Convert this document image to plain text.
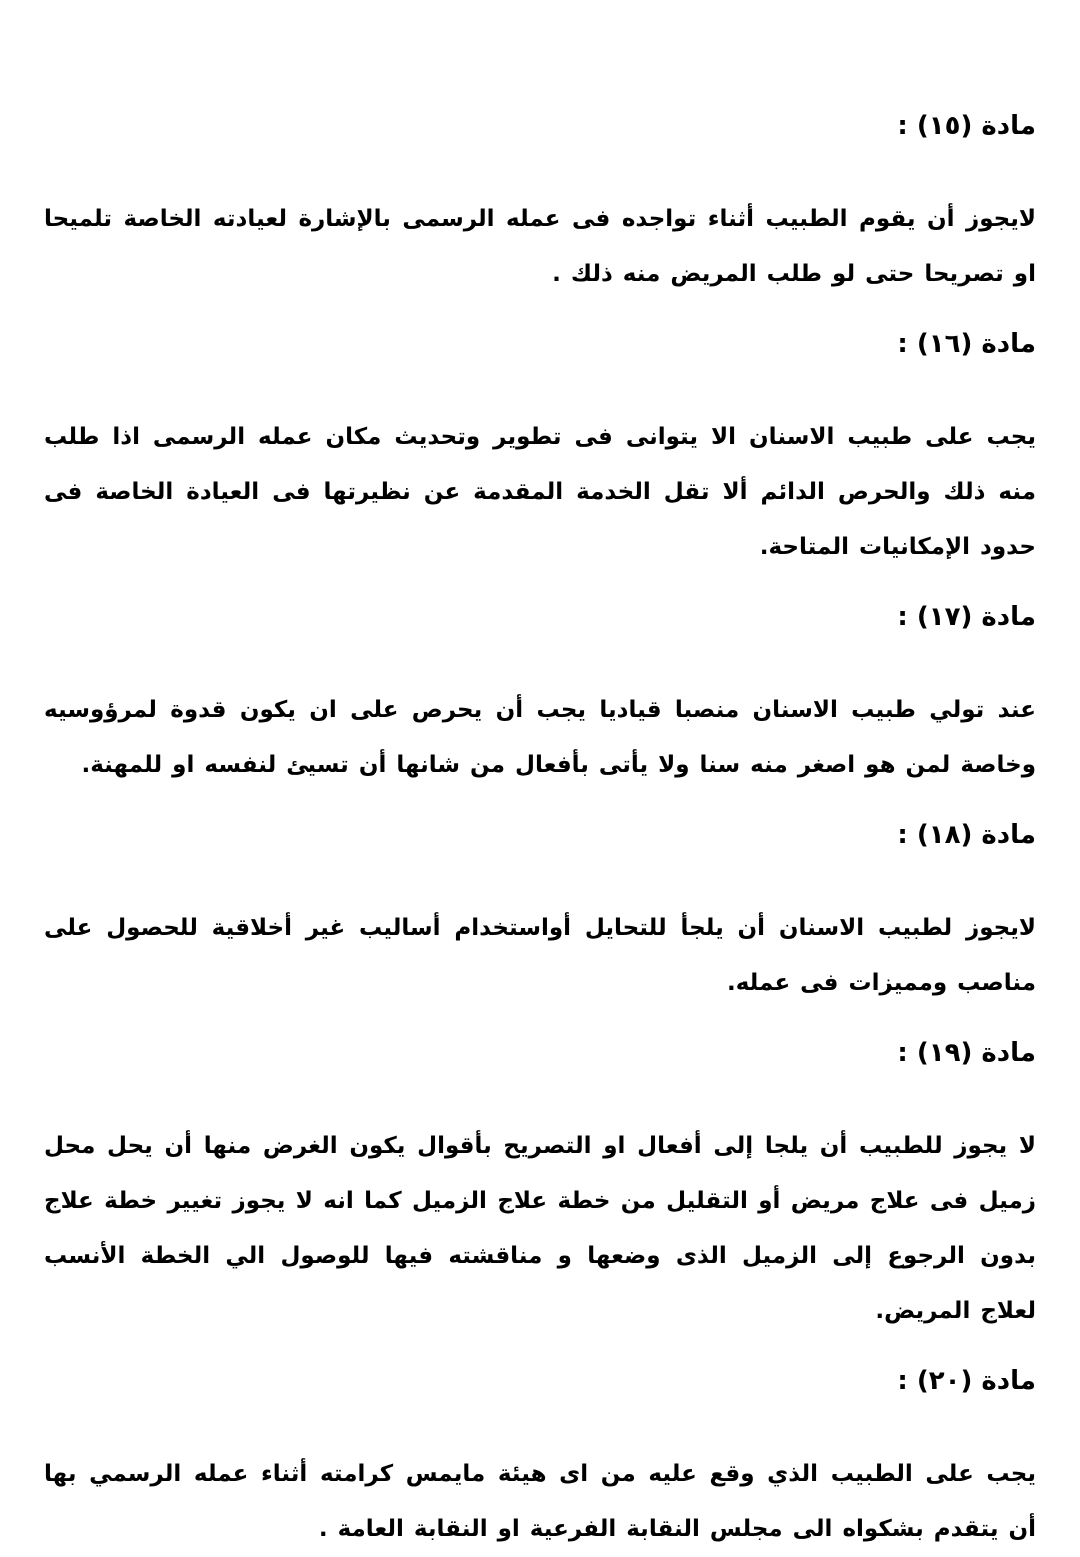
مادة (١٥) :

لايجوز أن يقوم الطبيب أثناء تواجده فى عمله الرسمى بالإشارة لعيادته الخاصة تلميحا او تصريحا حتى لو طلب المريض منه ذلك .

مادة (١٦) :

يجب على طبيب الاسنان الا يتوانى فى تطوير وتحديث مكان عمله الرسمى اذا طلب منه ذلك والحرص الدائم ألا تقل الخدمة المقدمة عن نظيرتها فى العيادة الخاصة فى حدود الإمكانيات المتاحة.

مادة (١٧) :

عند تولي طبيب الاسنان منصبا قياديا يجب أن يحرص على ان يكون قدوة لمرؤوسيه وخاصة لمن هو اصغر منه سنا ولا يأتى بأفعال من شانها أن تسيئ لنفسه او للمهنة.

مادة (١٨) :

لايجوز لطبيب الاسنان أن يلجأ للتحايل أواستخدام أساليب غير أخلاقية للحصول على مناصب ومميزات فى عمله.

مادة (١٩) :

لا يجوز للطبيب أن يلجا إلى أفعال او التصريح بأقوال يكون الغرض منها أن يحل محل زميل فى علاج مريض أو التقليل من خطة علاج الزميل كما انه لا يجوز تغيير خطة علاج بدون الرجوع إلى الزميل الذى وضعها و مناقشته فيها للوصول الي الخطة الأنسب لعلاج المريض.

مادة (٢٠) :

يجب على الطبيب الذي وقع عليه من اى هيئة مايمس كرامته أثناء عمله الرسمي بها أن يتقدم بشكواه الى مجلس النقابة الفرعية او النقابة العامة .
